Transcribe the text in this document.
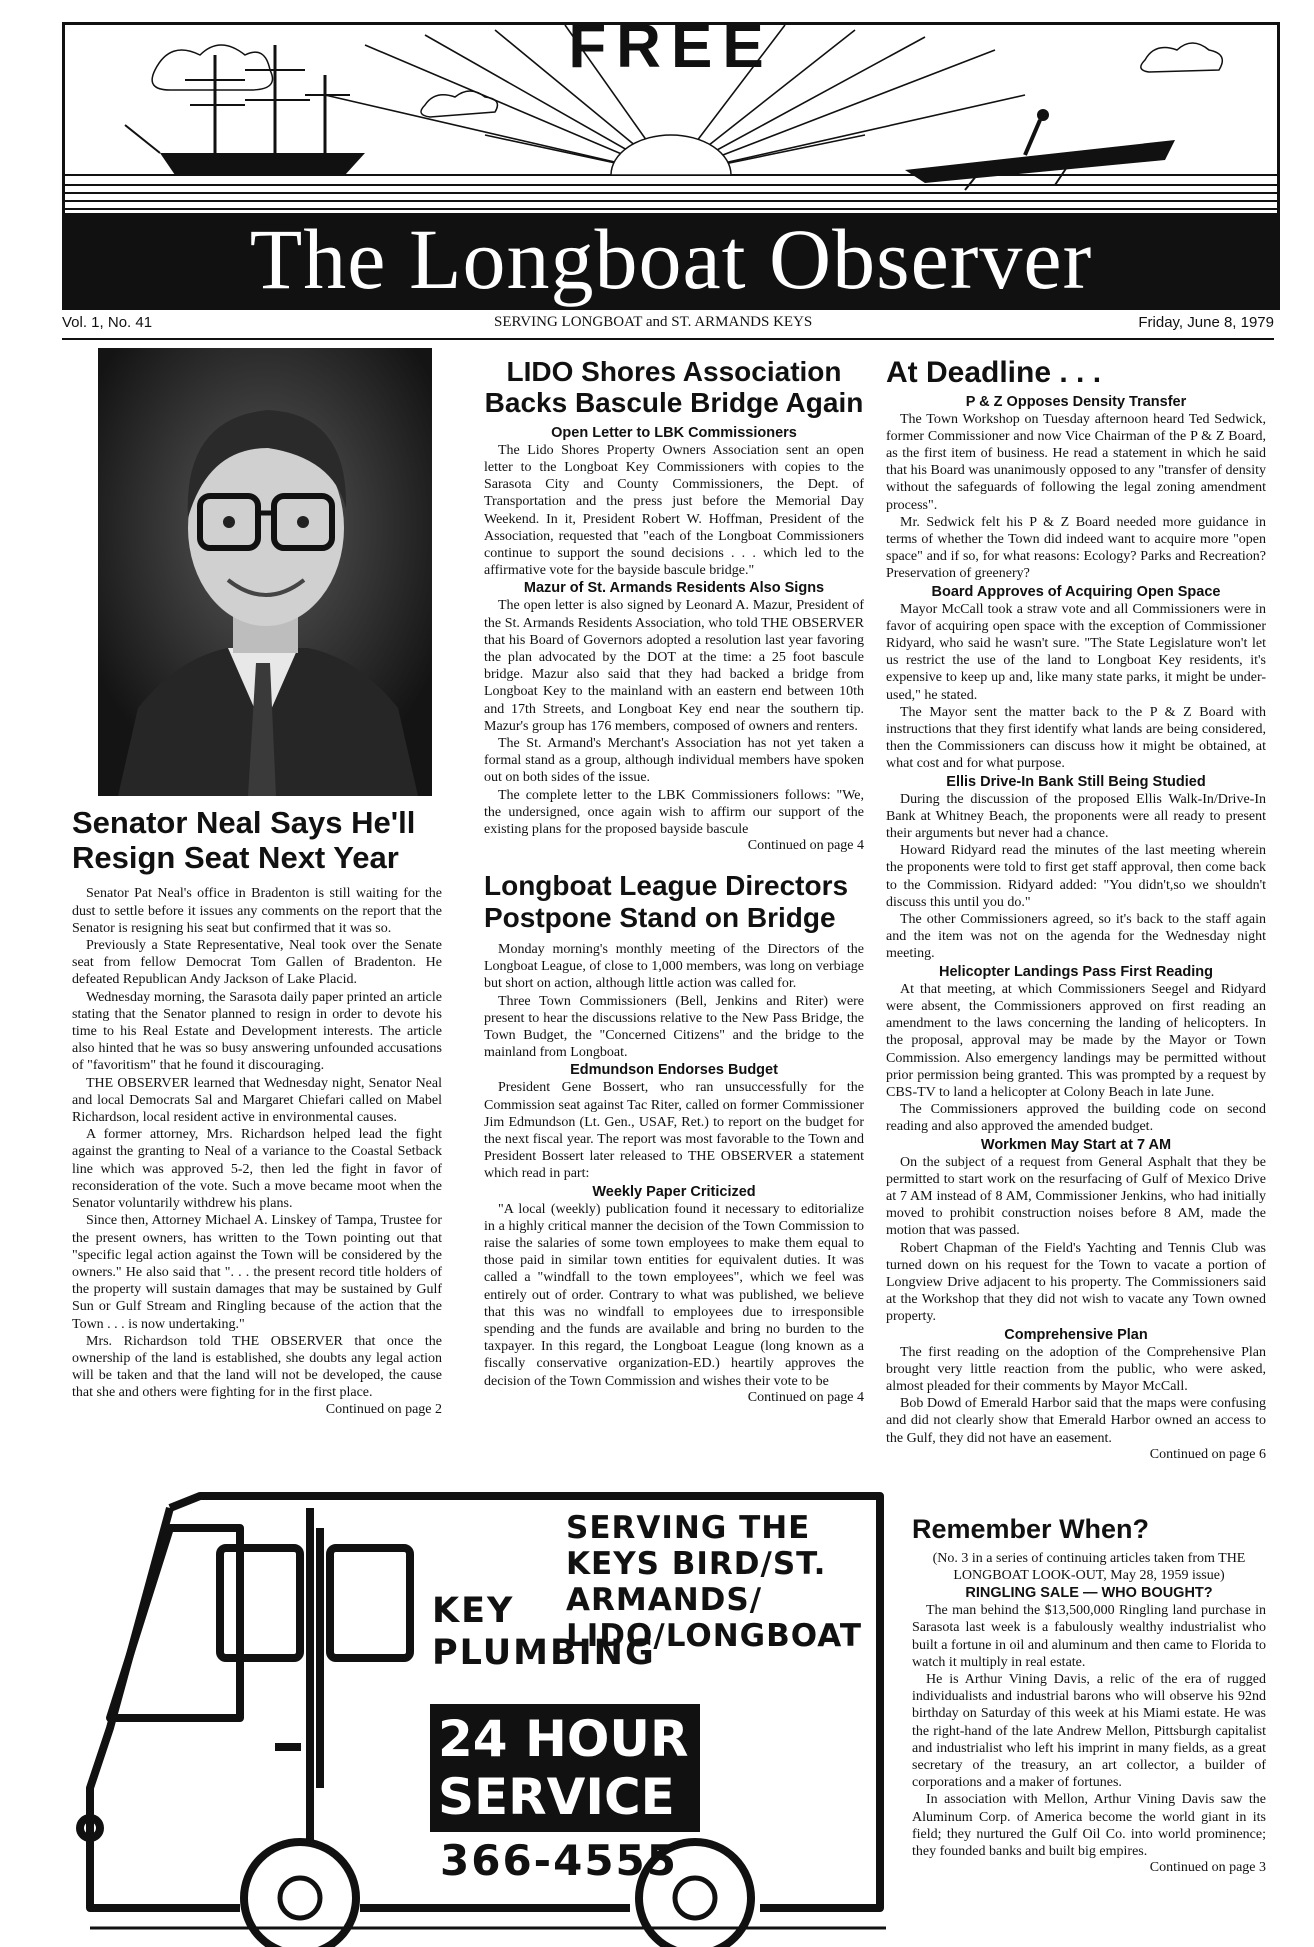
FREE
The Longboat Observer
Vol. 1, No. 41	SERVING LONGBOAT and ST. ARMANDS KEYS	Friday, June 8, 1979
Senator Neal Says He'll Resign Seat Next Year

Senator Pat Neal's office in Bradenton is still waiting for the dust to settle before it issues any comments on the report that the Senator is resigning his seat but confirmed that it was so.

Previously a State Representative, Neal took over the Senate seat from fellow Democrat Tom Gallen of Bradenton. He defeated Republican Andy Jackson of Lake Placid.

Wednesday morning, the Sarasota daily paper printed an article stating that the Senator planned to resign in order to devote his time to his Real Estate and Development interests. The article also hinted that he was so busy answering unfounded accusations of "favoritism" that he found it discouraging.

THE OBSERVER learned that Wednesday night, Senator Neal and local Democrats Sal and Margaret Chiefari called on Mabel Richardson, local resident active in environmental causes.

A former attorney, Mrs. Richardson helped lead the fight against the granting to Neal of a variance to the Coastal Setback line which was approved 5-2, then led the fight in favor of reconsideration of the vote. Such a move became moot when the Senator voluntarily withdrew his plans.

Since then, Attorney Michael A. Linskey of Tampa, Trustee for the present owners, has written to the Town pointing out that "specific legal action against the Town will be considered by the owners." He also said that ". . . the present record title holders of the property will sustain damages that may be sustained by Gulf Sun or Gulf Stream and Ringling because of the action that the Town . . . is now undertaking."

Mrs. Richardson told THE OBSERVER that once the ownership of the land is established, she doubts any legal action will be taken and that the land will not be developed, the cause that she and others were fighting for in the first place.

Continued on page 2

LIDO Shores Association Backs Bascule Bridge Again
Open Letter to LBK Commissioners

The Lido Shores Property Owners Association sent an open letter to the Longboat Key Commissioners with copies to the Sarasota City and County Commissioners, the Dept. of Transportation and the press just before the Memorial Day Weekend. In it, President Robert W. Hoffman, President of the Association, requested that "each of the Longboat Commissioners continue to support the sound decisions . . . which led to the affirmative vote for the bayside bascule bridge."

Mazur of St. Armands Residents Also Signs

The open letter is also signed by Leonard A. Mazur, President of the St. Armands Residents Association, who told THE OBSERVER that his Board of Governors adopted a resolution last year favoring the plan advocated by the DOT at the time: a 25 foot bascule bridge. Mazur also said that they had backed a bridge from Longboat Key to the mainland with an eastern end between 10th and 17th Streets, and Longboat Key end near the southern tip. Mazur's group has 176 members, composed of owners and renters.

The St. Armand's Merchant's Association has not yet taken a formal stand as a group, although individual members have spoken out on both sides of the issue.

The complete letter to the LBK Commissioners follows: "We, the undersigned, once again wish to affirm our support of the existing plans for the proposed bayside bascule

Continued on page 4

Longboat League Directors Postpone Stand on Bridge

Monday morning's monthly meeting of the Directors of the Longboat League, of close to 1,000 members, was long on verbiage but short on action, although little action was called for.

Three Town Commissioners (Bell, Jenkins and Riter) were present to hear the discussions relative to the New Pass Bridge, the Town Budget, the "Concerned Citizens" and the bridge to the mainland from Longboat.

Edmundson Endorses Budget

President Gene Bossert, who ran unsuccessfully for the Commission seat against Tac Riter, called on former Commissioner Jim Edmundson (Lt. Gen., USAF, Ret.) to report on the budget for the next fiscal year. The report was most favorable to the Town and President Bossert later released to THE OBSERVER a statement which read in part:

Weekly Paper Criticized

"A local (weekly) publication found it necessary to editorialize in a highly critical manner the decision of the Town Commission to raise the salaries of some town employees to make them equal to those paid in similar town entities for equivalent duties. It was called a "windfall to the town employees", which we feel was entirely out of order. Contrary to what was published, we believe that this was no windfall to employees due to irresponsible spending and the funds are available and bring no burden to the taxpayer. In this regard, the Longboat League (long known as a fiscally conservative organization-ED.) heartily approves the decision of the Town Commission and wishes their vote to be

Continued on page 4

At Deadline . . .
P & Z Opposes Density Transfer

The Town Workshop on Tuesday afternoon heard Ted Sedwick, former Commissioner and now Vice Chairman of the P & Z Board, as the first item of business. He read a statement in which he said that his Board was unanimously opposed to any "transfer of density without the safeguards of following the legal zoning amendment process".

Mr. Sedwick felt his P & Z Board needed more guidance in terms of whether the Town did indeed want to acquire more "open space" and if so, for what reasons: Ecology? Parks and Recreation? Preservation of greenery?

Board Approves of Acquiring Open Space

Mayor McCall took a straw vote and all Commissioners were in favor of acquiring open space with the exception of Commissioner Ridyard, who said he wasn't sure. "The State Legislature won't let us restrict the use of the land to Longboat Key residents, it's expensive to keep up and, like many state parks, it might be under-used," he stated.

The Mayor sent the matter back to the P & Z Board with instructions that they first identify what lands are being considered, then the Commissioners can discuss how it might be obtained, at what cost and for what purpose.

Ellis Drive-In Bank Still Being Studied

During the discussion of the proposed Ellis Walk-In/Drive-In Bank at Whitney Beach, the proponents were all ready to present their arguments but never had a chance.

Howard Ridyard read the minutes of the last meeting wherein the proponents were told to first get staff approval, then come back to the Commission. Ridyard added: "You didn't,so we shouldn't discuss this until you do."

The other Commissioners agreed, so it's back to the staff again and the item was not on the agenda for the Wednesday night meeting.

Helicopter Landings Pass First Reading

At that meeting, at which Commissioners Seegel and Ridyard were absent, the Commissioners approved on first reading an amendment to the laws concerning the landing of helicopters. In the proposal, approval may be made by the Mayor or Town Commission. Also emergency landings may be permitted without prior permission being granted. This was prompted by a request by CBS-TV to land a helicopter at Colony Beach in late June.

The Commissioners approved the building code on second reading and also approved the amended budget.

Workmen May Start at 7 AM

On the subject of a request from General Asphalt that they be permitted to start work on the resurfacing of Gulf of Mexico Drive at 7 AM instead of 8 AM, Commissioner Jenkins, who had initially moved to prohibit construction noises before 8 AM, made the motion that was passed.

Robert Chapman of the Field's Yachting and Tennis Club was turned down on his request for the Town to vacate a portion of Longview Drive adjacent to his property. The Commissioners said at the Workshop that they did not wish to vacate any Town owned property.

Comprehensive Plan

The first reading on the adoption of the Comprehensive Plan brought very little reaction from the public, who were asked, almost pleaded for their comments by Mayor McCall.

Bob Dowd of Emerald Harbor said that the maps were confusing and did not clearly show that Emerald Harbor owned an access to the Gulf, they did not have an easement.

Continued on page 6

SERVING THE KEYS BIRD/ST. ARMANDS/ LIDO/LONGBOAT
KEY
PLUMBING
24 HOUR
SERVICE
366-4555
Remember When?
(No. 3 in a series of continuing articles taken from THE LONGBOAT LOOK-OUT, May 28, 1959 issue)
RINGLING SALE — WHO BOUGHT?

The man behind the $13,500,000 Ringling land purchase in Sarasota last week is a fabulously wealthy industrialist who built a fortune in oil and aluminum and then came to Florida to watch it multiply in real estate.

He is Arthur Vining Davis, a relic of the era of rugged individualists and industrial barons who will observe his 92nd birthday on Saturday of this week at his Miami estate. He was the right-hand of the late Andrew Mellon, Pittsburgh capitalist and industrialist who left his imprint in many fields, as a great secretary of the treasury, an art collector, a builder of corporations and a maker of fortunes.

In association with Mellon, Arthur Vining Davis saw the Aluminum Corp. of America become the world giant in its field; they nurtured the Gulf Oil Co. into world prominence; they founded banks and built big empires.

Continued on page 3
